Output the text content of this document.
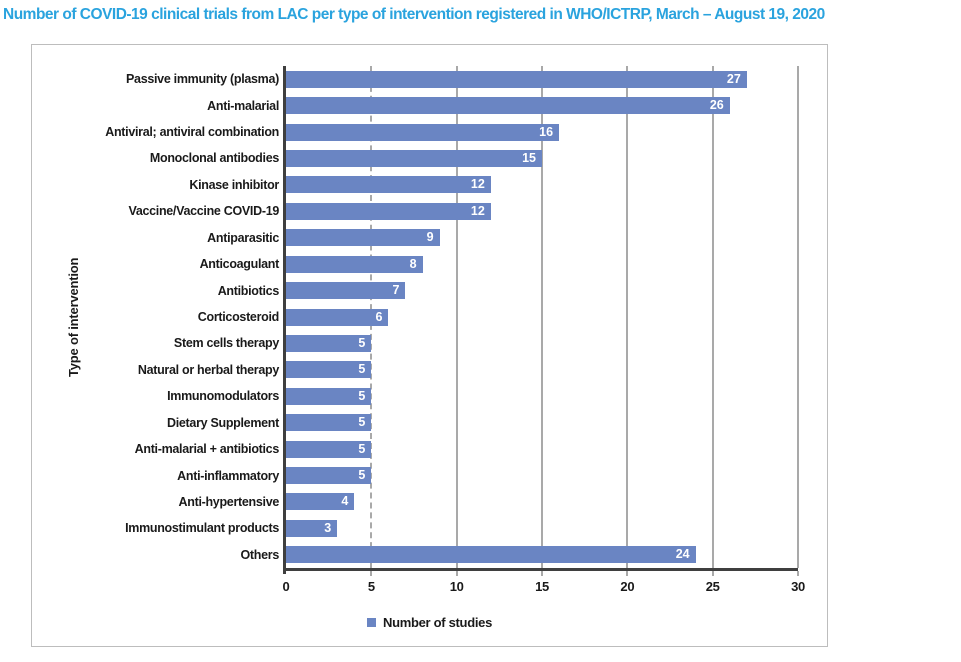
Number of COVID-19 clinical trials from LAC per type of intervention registered in WHO/ICTRP, March – August 19, 2020
Type of intervention
Passive immunity (plasma)	27
Anti-malarial	26
Antiviral; antiviral combination	16
Monoclonal antibodies	15
Kinase inhibitor	12
Vaccine/Vaccine COVID-19	12
Antiparasitic	9
Anticoagulant	8
Antibiotics	7
Corticosteroid	6
Stem cells therapy	5
Natural or herbal therapy	5
Immunomodulators	5
Dietary Supplement	5
Anti-malarial + antibiotics	5
Anti-inflammatory	5
Anti-hypertensive	4
Immunostimulant products	3
Others	24
0	5	10	15	20	25	30
Number of studies
